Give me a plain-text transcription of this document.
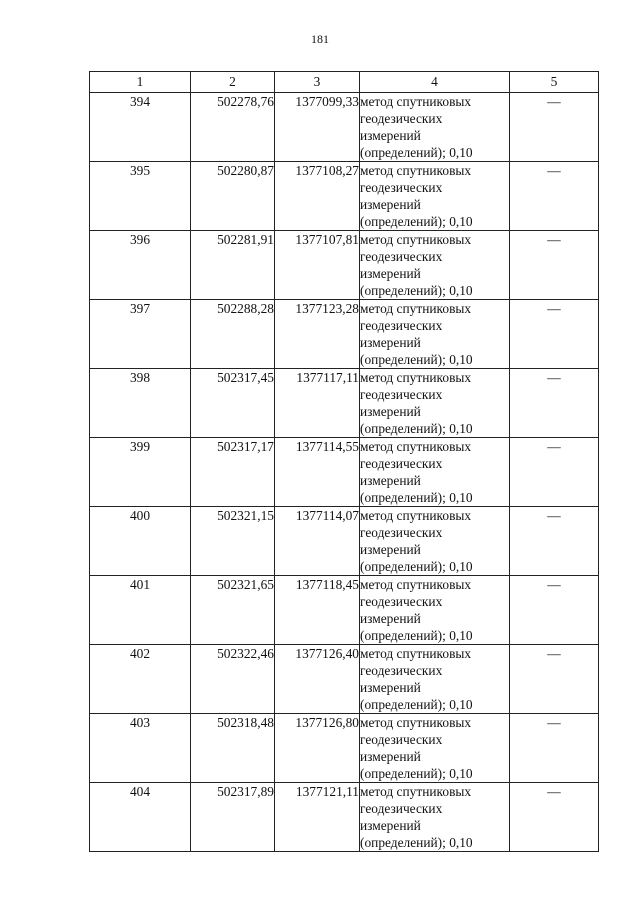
181
1	2	3	4	5
394	502278,76	1377099,33	метод спутниковых
геодезических
измерений
(определений); 0,10	—
395	502280,87	1377108,27	метод спутниковых
геодезических
измерений
(определений); 0,10	—
396	502281,91	1377107,81	метод спутниковых
геодезических
измерений
(определений); 0,10	—
397	502288,28	1377123,28	метод спутниковых
геодезических
измерений
(определений); 0,10	—
398	502317,45	1377117,11	метод спутниковых
геодезических
измерений
(определений); 0,10	—
399	502317,17	1377114,55	метод спутниковых
геодезических
измерений
(определений); 0,10	—
400	502321,15	1377114,07	метод спутниковых
геодезических
измерений
(определений); 0,10	—
401	502321,65	1377118,45	метод спутниковых
геодезических
измерений
(определений); 0,10	—
402	502322,46	1377126,40	метод спутниковых
геодезических
измерений
(определений); 0,10	—
403	502318,48	1377126,80	метод спутниковых
геодезических
измерений
(определений); 0,10	—
404	502317,89	1377121,11	метод спутниковых
геодезических
измерений
(определений); 0,10	—
